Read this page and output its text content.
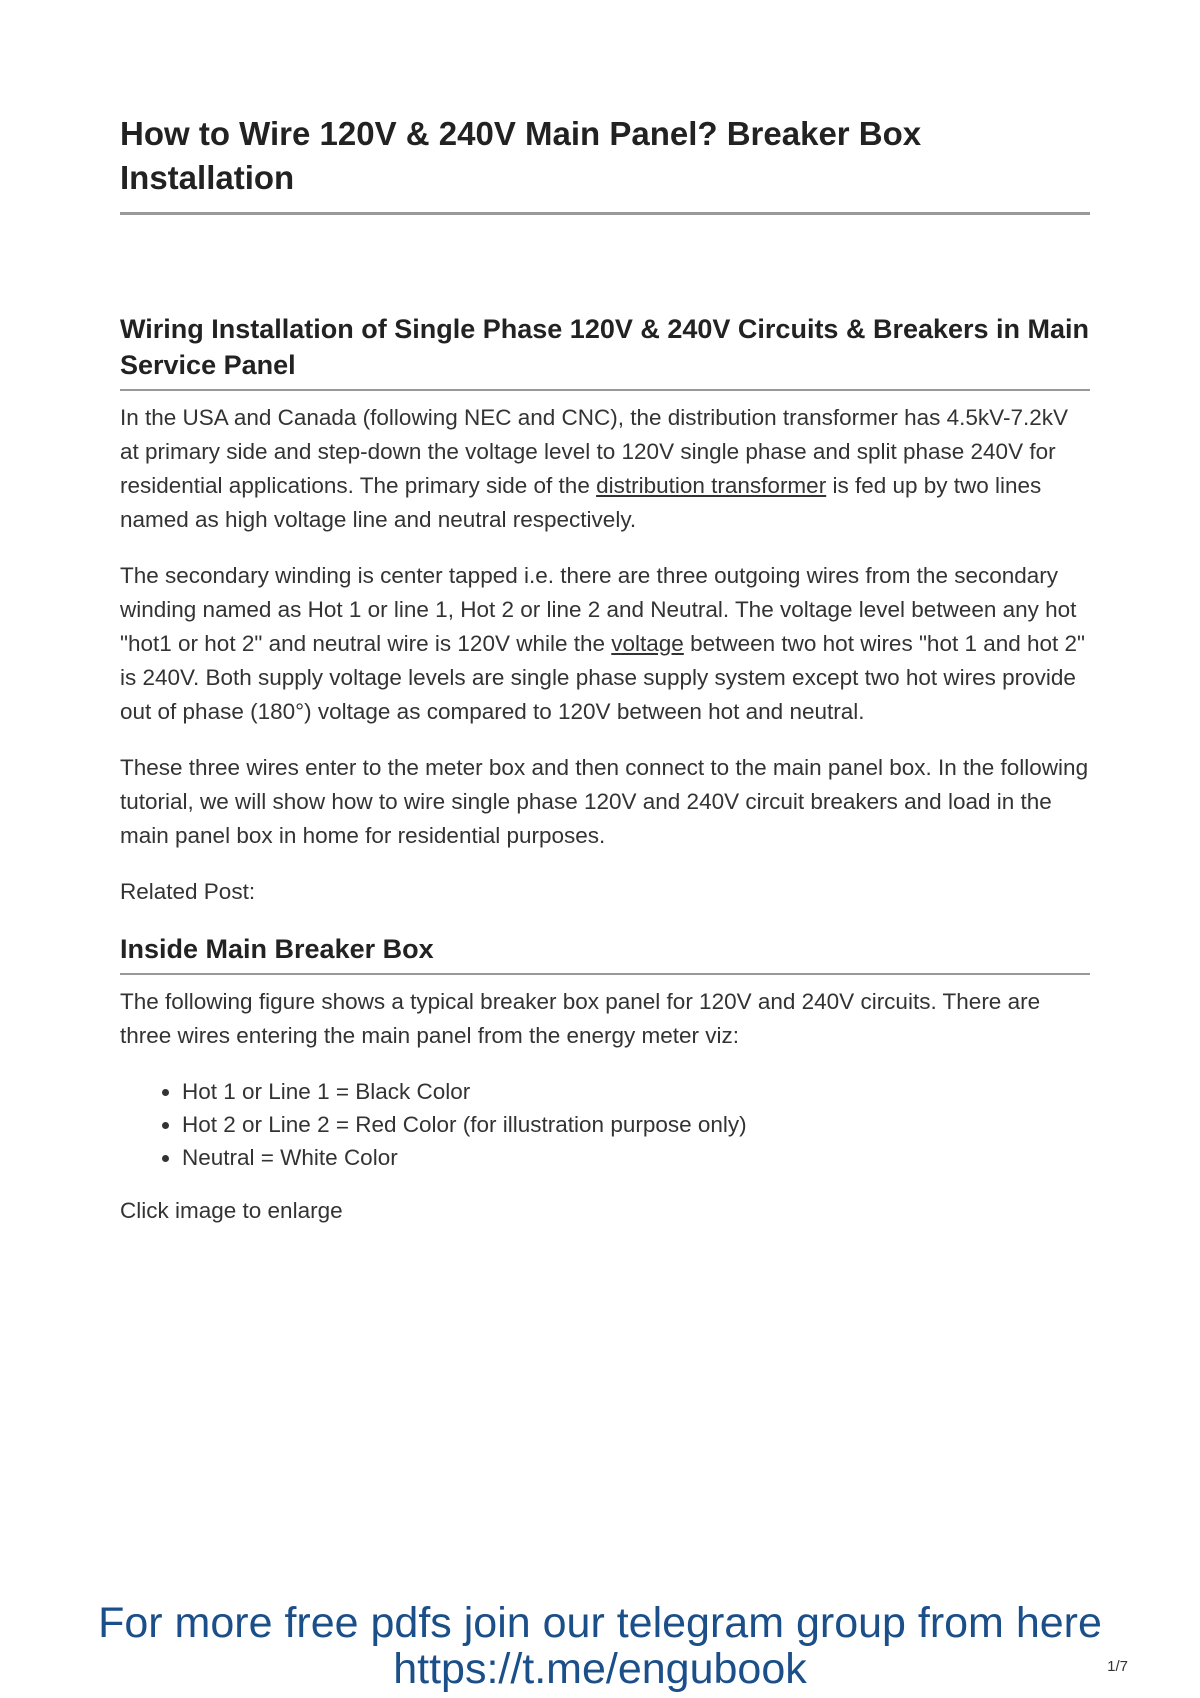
How to Wire 120V & 240V Main Panel? Breaker Box Installation
Wiring Installation of Single Phase 120V & 240V Circuits & Breakers in Main Service Panel

In the USA and Canada (following NEC and CNC), the distribution transformer has 4.5kV-7.2kV at primary side and step-down the voltage level to 120V single phase and split phase 240V for residential applications. The primary side of the distribution transformer is fed up by two lines named as high voltage line and neutral respectively.

The secondary winding is center tapped i.e. there are three outgoing wires from the secondary winding named as Hot 1 or line 1, Hot 2 or line 2 and Neutral. The voltage level between any hot "hot1 or hot 2" and neutral wire is 120V while the voltage between two hot wires "hot 1 and hot 2" is 240V. Both supply voltage levels are single phase supply system except two hot wires provide out of phase (180°) voltage as compared to 120V between hot and neutral.

These three wires enter to the meter box and then connect to the main panel box. In the following tutorial, we will show how to wire single phase 120V and 240V circuit breakers and load in the main panel box in home for residential purposes.

Related Post:

Inside Main Breaker Box

The following figure shows a typical breaker box panel for 120V and 240V circuits. There are three wires entering the main panel from the energy meter viz:

• Hot 1 or Line 1 = Black Color
• Hot 2 or Line 2 = Red Color (for illustration purpose only)
• Neutral = White Color

Click image to enlarge

For more free pdfs join our telegram group from here
https://t.me/engubook	1/7
